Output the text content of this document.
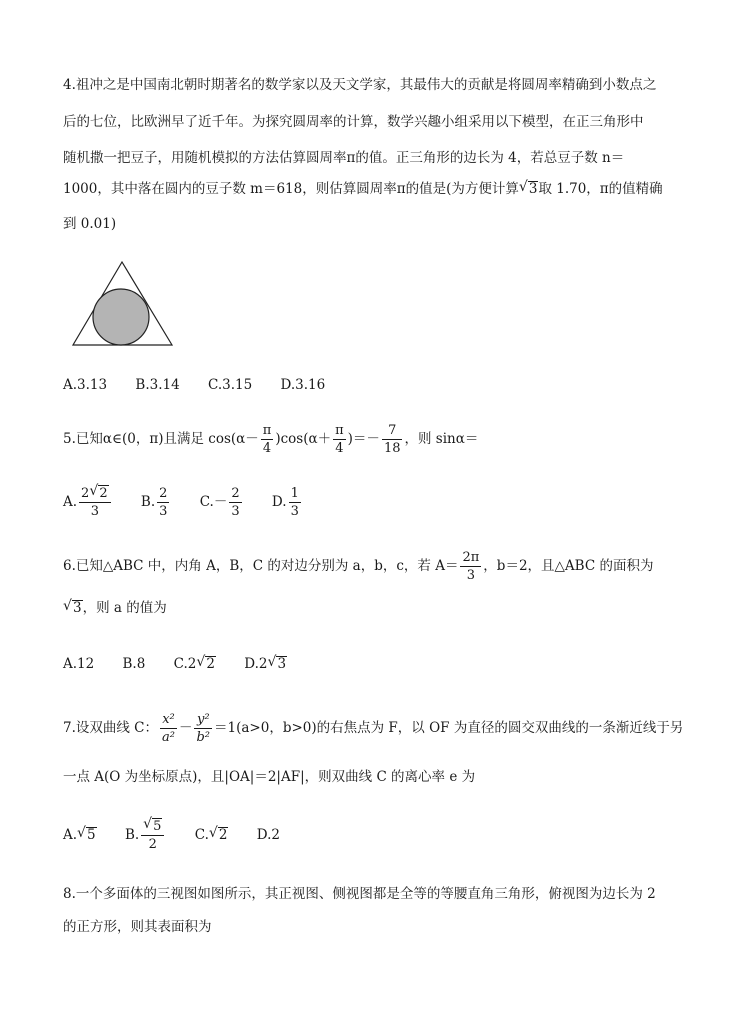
4.祖冲之是中国南北朝时期著名的数学家以及天文学家，其最伟大的贡献是将圆周率精确到小数点之
后的七位，比欧洲早了近千年。为探究圆周率的计算，数学兴趣小组采用以下模型，在正三角形中
随机撒一把豆子，用随机模拟的方法估算圆周率π的值。正三角形的边长为 4，若总豆子数 n＝
1000，其中落在圆内的豆子数 m＝618，则估算圆周率π的值是(为方便计算 √ 3取 1.70，π的值精确
到 0.01)
A.3.13 B.3.14 C.3.15 D.3.16
5.已知α∈(0，π)且满足 $\cos(\alpha- \frac{\pi}{4} )\cos(\alpha+ \frac{\pi}{4}$ )＝－ $\frac{7}{18}$ ，则 sinα＝
A. $\frac{2 √ 2}{3} B$. $\frac{2}{3} C.- \frac{2}{3} D$. $\frac{1}{3}$
6.已知△ABC 中，内角 A，B，C 的对边分别为 a，b，c，若 $A= \frac{2\pi}{3}$ ，b＝2，且△ABC 的面积为
√ 3，则 a 的值为
A.12 B.8 C.2 √ 2 D.2 √ 3
7.设双曲线 C： $\frac{\text{x²}}{\text{a²}} - \frac{\text{y²}}{\text{b²}} =1(a>0$，b>0)的右焦点为 F，以 OF 为直径的圆交双曲线的一条渐近线于另
一点 A(O 为坐标原点)，且|OA|＝2|AF|，则双曲线 C 的离心率 e 为
A. √ 5 B. $\frac{√ 5}{2} C$. √ 2 D.2
8.一个多面体的三视图如图所示，其正视图、侧视图都是全等的等腰直角三角形，俯视图为边长为 2
的正方形，则其表面积为
